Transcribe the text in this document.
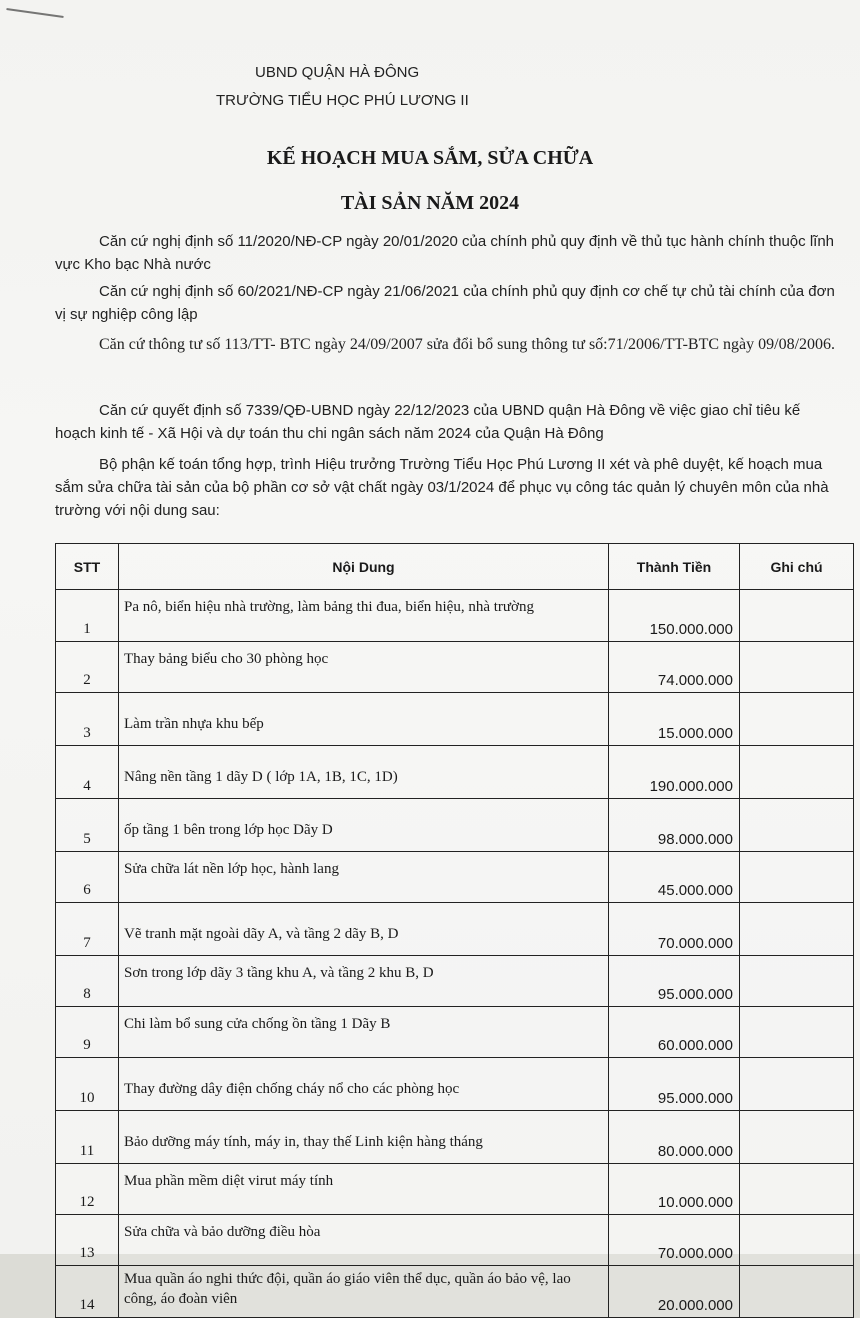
UBND QUẬN HÀ ĐÔNG
TRƯỜNG TIỂU HỌC PHÚ LƯƠNG II
KẾ HOẠCH MUA SẮM, SỬA CHỮA
TÀI SẢN NĂM 2024
Căn cứ nghị định số 11/2020/NĐ-CP ngày 20/01/2020 của chính phủ quy định về thủ tục hành chính thuộc lĩnh vực Kho bạc Nhà nước
Căn cứ nghị định số 60/2021/NĐ-CP ngày 21/06/2021 của chính phủ quy định cơ chế tự chủ tài chính của đơn vị sự nghiệp công lập
Căn cứ thông tư số 113/TT- BTC ngày 24/09/2007 sửa đổi bổ sung thông tư số:71/2006/TT-BTC ngày 09/08/2006.
Căn cứ quyết định số 7339/QĐ-UBND ngày 22/12/2023 của UBND quận Hà Đông về việc giao chỉ tiêu kế hoạch kinh tế - Xã Hội và dự toán thu chi ngân sách năm 2024 của Quận Hà Đông
Bộ phận kế toán tổng hợp, trình Hiệu trưởng Trường Tiểu Học Phú Lương II xét và phê duyệt, kế hoạch mua sắm sửa chữa tài sản của bộ phần cơ sở vật chất ngày 03/1/2024 để phục vụ công tác quản lý chuyên môn của nhà trường với nội dung sau:
STT	Nội Dung	Thành Tiền	Ghi chú
1	Pa nô, biển hiệu nhà trường, làm bảng thi đua, biển hiệu, nhà trường	150.000.000	
2	Thay bảng biểu cho 30 phòng học	74.000.000	
3	Làm trần nhựa khu bếp	15.000.000	
4	Nâng nền tầng 1 dãy D ( lớp 1A, 1B, 1C, 1D)	190.000.000	
5	ốp tầng 1 bên trong lớp học Dãy D	98.000.000	
6	Sửa chữa lát nền lớp học, hành lang	45.000.000	
7	Vẽ tranh mặt ngoài dãy A, và tầng 2 dãy B, D	70.000.000	
8	Sơn trong lớp dãy 3 tầng khu A, và tầng 2 khu B, D	95.000.000	
9	Chi làm bổ sung cửa chống ồn tầng 1 Dãy B	60.000.000	
10	Thay đường dây điện chống cháy nổ cho các phòng học	95.000.000	
11	Bảo dưỡng máy tính, máy in, thay thế Linh kiện hàng tháng	80.000.000	
12	Mua phần mềm diệt virut máy tính	10.000.000	
13	Sửa chữa và bảo dưỡng điều hòa	70.000.000	
14	Mua quần áo nghi thức đội, quần áo giáo viên thể dục, quần áo bảo vệ, lao công, áo đoàn viên	20.000.000	
